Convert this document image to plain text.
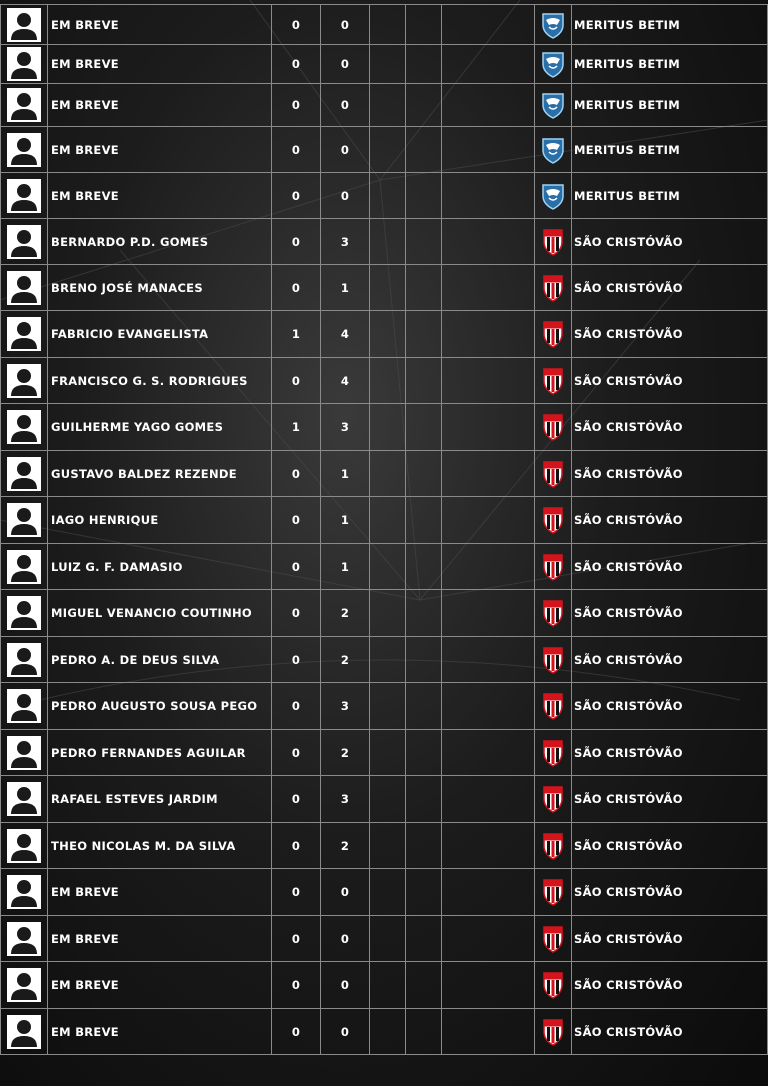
	EM BREVE	0	0					MERITUS BETIM
	EM BREVE	0	0					MERITUS BETIM
	EM BREVE	0	0					MERITUS BETIM
	EM BREVE	0	0					MERITUS BETIM
	EM BREVE	0	0					MERITUS BETIM
	BERNARDO P.D. GOMES	0	3					SÃO CRISTÓVÃO
	BRENO JOSÉ MANACES	0	1					SÃO CRISTÓVÃO
	FABRICIO EVANGELISTA	1	4					SÃO CRISTÓVÃO
	FRANCISCO G. S. RODRIGUES	0	4					SÃO CRISTÓVÃO
	GUILHERME YAGO GOMES	1	3					SÃO CRISTÓVÃO
	GUSTAVO BALDEZ REZENDE	0	1					SÃO CRISTÓVÃO
	IAGO HENRIQUE	0	1					SÃO CRISTÓVÃO
	LUIZ G. F. DAMASIO	0	1					SÃO CRISTÓVÃO
	MIGUEL VENANCIO COUTINHO	0	2					SÃO CRISTÓVÃO
	PEDRO A. DE DEUS SILVA	0	2					SÃO CRISTÓVÃO
	PEDRO AUGUSTO SOUSA PEGO	0	3					SÃO CRISTÓVÃO
	PEDRO FERNANDES AGUILAR	0	2					SÃO CRISTÓVÃO
	RAFAEL ESTEVES JARDIM	0	3					SÃO CRISTÓVÃO
	THEO NICOLAS M. DA SILVA	0	2					SÃO CRISTÓVÃO
	EM BREVE	0	0					SÃO CRISTÓVÃO
	EM BREVE	0	0					SÃO CRISTÓVÃO
	EM BREVE	0	0					SÃO CRISTÓVÃO
	EM BREVE	0	0					SÃO CRISTÓVÃO
